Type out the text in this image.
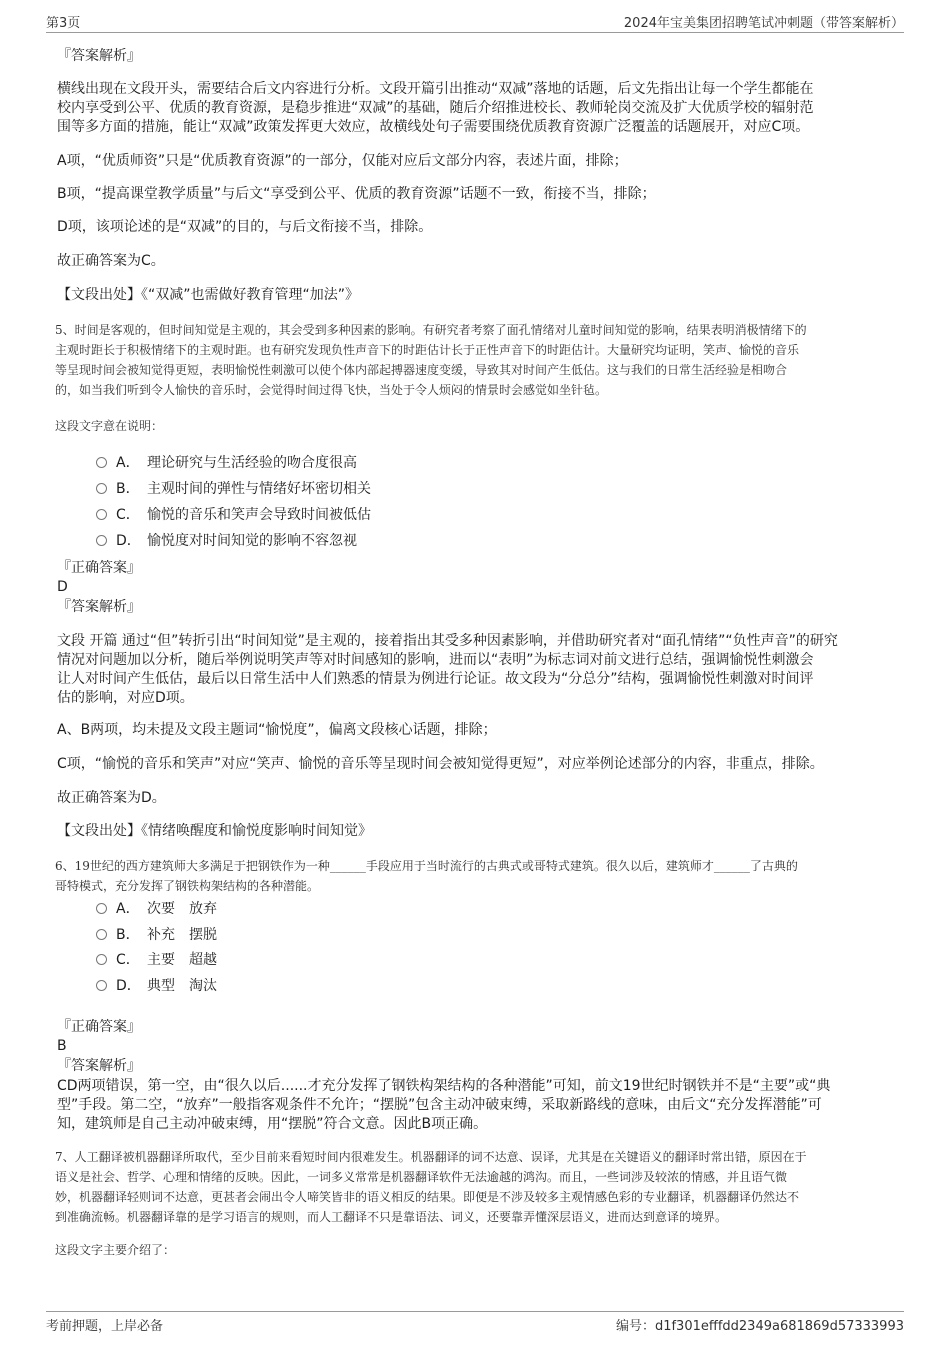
第3页	2024年宝美集团招聘笔试冲刺题（带答案解析）
『答案解析』
横线出现在文段开头，需要结合后文内容进行分析。文段开篇引出推动“双减”落地的话题，后文先指出让每一个学生都能在
校内享受到公平、优质的教育资源，是稳步推进“双减”的基础，随后介绍推进校长、教师轮岗交流及扩大优质学校的辐射范
围等多方面的措施，能让“双减”政策发挥更大效应，故横线处句子需要围绕优质教育资源广泛覆盖的话题展开，对应C项。
A项，“优质师资”只是“优质教育资源”的一部分，仅能对应后文部分内容，表述片面，排除；
B项，“提高课堂教学质量”与后文“享受到公平、优质的教育资源”话题不一致，衔接不当，排除；
D项，该项论述的是“双减”的目的，与后文衔接不当，排除。
故正确答案为C。
【文段出处】《“双减”也需做好教育管理“加法”》
5、时间是客观的，但时间知觉是主观的，其会受到多种因素的影响。有研究者考察了面孔情绪对儿童时间知觉的影响，结果表明消极情绪下的
主观时距长于积极情绪下的主观时距。也有研究发现负性声音下的时距估计长于正性声音下的时距估计。大量研究均证明，笑声、愉悦的音乐
等呈现时间会被知觉得更短，表明愉悦性刺激可以使个体内部起搏器速度变缓，导致其对时间产生低估。这与我们的日常生活经验是相吻合
的，如当我们听到令人愉快的音乐时，会觉得时间过得飞快，当处于令人烦闷的情景时会感觉如坐针毡。
这段文字意在说明：
A． 理论研究与生活经验的吻合度很高
B． 主观时间的弹性与情绪好坏密切相关
C． 愉悦的音乐和笑声会导致时间被低估
D． 愉悦度对时间知觉的影响不容忽视
『正确答案』
D
『答案解析』
文段 开篇 通过“但”转折引出“时间知觉”是主观的，接着指出其受多种因素影响，并借助研究者对“面孔情绪”“负性声音”的研究
情况对问题加以分析，随后举例说明笑声等对时间感知的影响，进而以“表明”为标志词对前文进行总结，强调愉悦性刺激会
让人对时间产生低估，最后以日常生活中人们熟悉的情景为例进行论证。故文段为“分总分”结构，强调愉悦性刺激对时间评
估的影响，对应D项。
A、B两项，均未提及文段主题词“愉悦度”，偏离文段核心话题，排除；
C项，“愉悦的音乐和笑声”对应“笑声、愉悦的音乐等呈现时间会被知觉得更短”，对应举例论述部分的内容，非重点，排除。
故正确答案为D。
【文段出处】《情绪唤醒度和愉悦度影响时间知觉》
6、19世纪的西方建筑师大多满足于把钢铁作为一种______手段应用于当时流行的古典式或哥特式建筑。很久以后，建筑师才______了古典的
哥特模式，充分发挥了钢铁构架结构的各种潜能。
A． 次要　放弃
B． 补充　摆脱
C． 主要　超越
D． 典型　淘汰
『正确答案』
B
『答案解析』
CD两项错误，第一空，由“很久以后......才充分发挥了钢铁构架结构的各种潜能”可知，前文19世纪时钢铁并不是“主要”或“典
型”手段。第二空，“放弃”一般指客观条件不允许；“摆脱”包含主动冲破束缚，采取新路线的意味，由后文“充分发挥潜能”可
知，建筑师是自己主动冲破束缚，用“摆脱”符合文意。因此B项正确。
7、人工翻译被机器翻译所取代，至少目前来看短时间内很难发生。机器翻译的词不达意、误译，尤其是在关键语义的翻译时常出错，原因在于
语义是社会、哲学、心理和情绪的反映。因此，一词多义常常是机器翻译软件无法逾越的鸿沟。而且，一些词涉及较浓的情感，并且语气微
妙，机器翻译轻则词不达意，更甚者会闹出令人啼笑皆非的语义相反的结果。即便是不涉及较多主观情感色彩的专业翻译，机器翻译仍然达不
到准确流畅。机器翻译靠的是学习语言的规则，而人工翻译不只是靠语法、词义，还要靠弄懂深层语义，进而达到意译的境界。
这段文字主要介绍了：
考前押题，上岸必备	编号：d1f301efffdd2349a681869d57333993
